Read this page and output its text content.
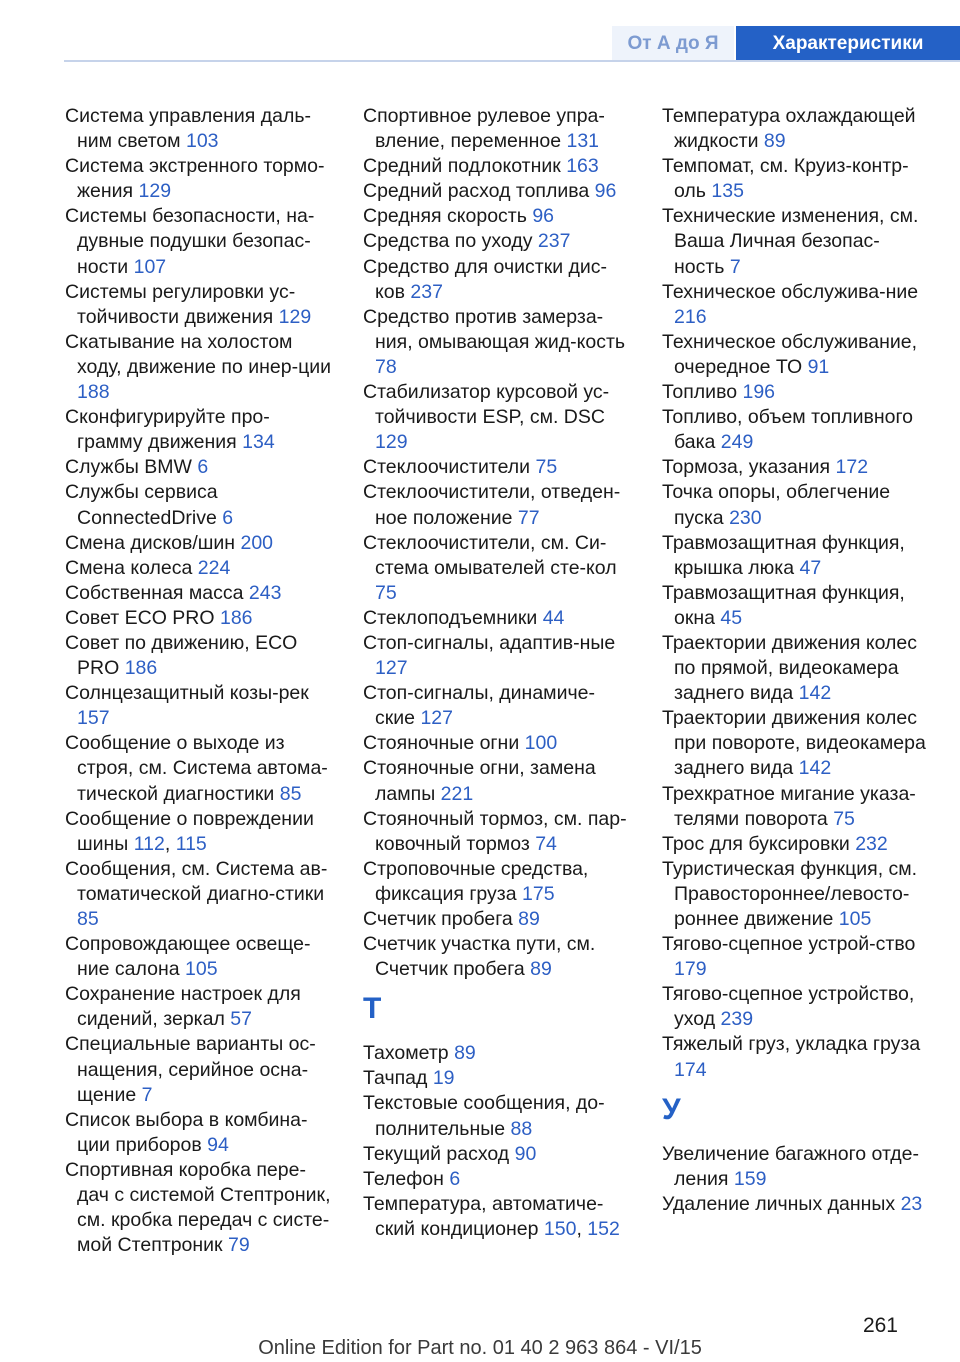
От А до Я	Характеристики
Система управления даль-ним светом 103
Система экстренного тормо-жения 129
Системы безопасности, на-дувные подушки безопас-ности 107
Системы регулировки ус-тойчивости движения 129
Скатывание на холостом ходу, движение по инер-ции 188
Сконфигурируйте про-грамму движения 134
Службы BMW 6
Службы сервиса ConnectedDrive 6
Смена дисков/шин 200
Смена колеса 224
Собственная масса 243
Совет ECO PRO 186
Совет по движению, ECO PRO 186
Солнцезащитный козы-рек 157
Сообщение о выходе из строя, см. Система автома-тической диагностики 85
Сообщение о повреждении шины 112, 115
Сообщения, см. Система ав-томатической диагно-стики 85
Сопровождающее освеще-ние салона 105
Сохранение настроек для сидений, зеркал 57
Специальные варианты ос-нащения, серийное осна-щение 7
Список выбора в комбина-ции приборов 94
Спортивная коробка пере-дач с системой Стептроник, см. кробка передач с систе-мой Стептроник 79
Спортивное рулевое упра-вление, переменное 131
Средний подлокотник 163
Средний расход топлива 96
Средняя скорость 96
Средства по уходу 237
Средство для очистки дис-ков 237
Средство против замерза-ния, омывающая жид-кость 78
Стабилизатор курсовой ус-тойчивости ESP, см. DSC 129
Стеклоочистители 75
Стеклоочистители, отведен-ное положение 77
Стеклоочистители, см. Си-стема омывателей сте-кол 75
Стеклоподъемники 44
Стоп-сигналы, адаптив-ные 127
Стоп-сигналы, динамиче-ские 127
Стояночные огни 100
Стояночные огни, замена лампы 221
Стояночный тормоз, см. пар-ковочный тормоз 74
Строповочные средства, фиксация груза 175
Счетчик пробега 89
Счетчик участка пути, см. Счетчик пробега 89
Т
Тахометр 89
Тачпад 19
Текстовые сообщения, до-полнительные 88
Текущий расход 90
Телефон 6
Температура, автоматиче-ский кондиционер 150, 152
Температура охлаждающей жидкости 89
Темпомат, см. Круиз-контр-оль 135
Технические изменения, см. Ваша Личная безопас-ность 7
Техническое обслужива-ние 216
Техническое обслуживание, очередное ТО 91
Топливо 196
Топливо, объем топливного бака 249
Тормоза, указания 172
Точка опоры, облегчение пуска 230
Травмозащитная функция, крышка люка 47
Травмозащитная функция, окна 45
Траектории движения колес по прямой, видеокамера заднего вида 142
Траектории движения колес при повороте, видеокамера заднего вида 142
Трехкратное мигание указа-телями поворота 75
Трос для буксировки 232
Туристическая функция, см. Правостороннее/левосто-роннее движение 105
Тягово-сцепное устрой-ство 179
Тягово-сцепное устройство, уход 239
Тяжелый груз, укладка груза 174
У
Увеличение багажного отде-ления 159
Удаление личных данных 23
261
Online Edition for Part no. 01 40 2 963 864 - VI/15
